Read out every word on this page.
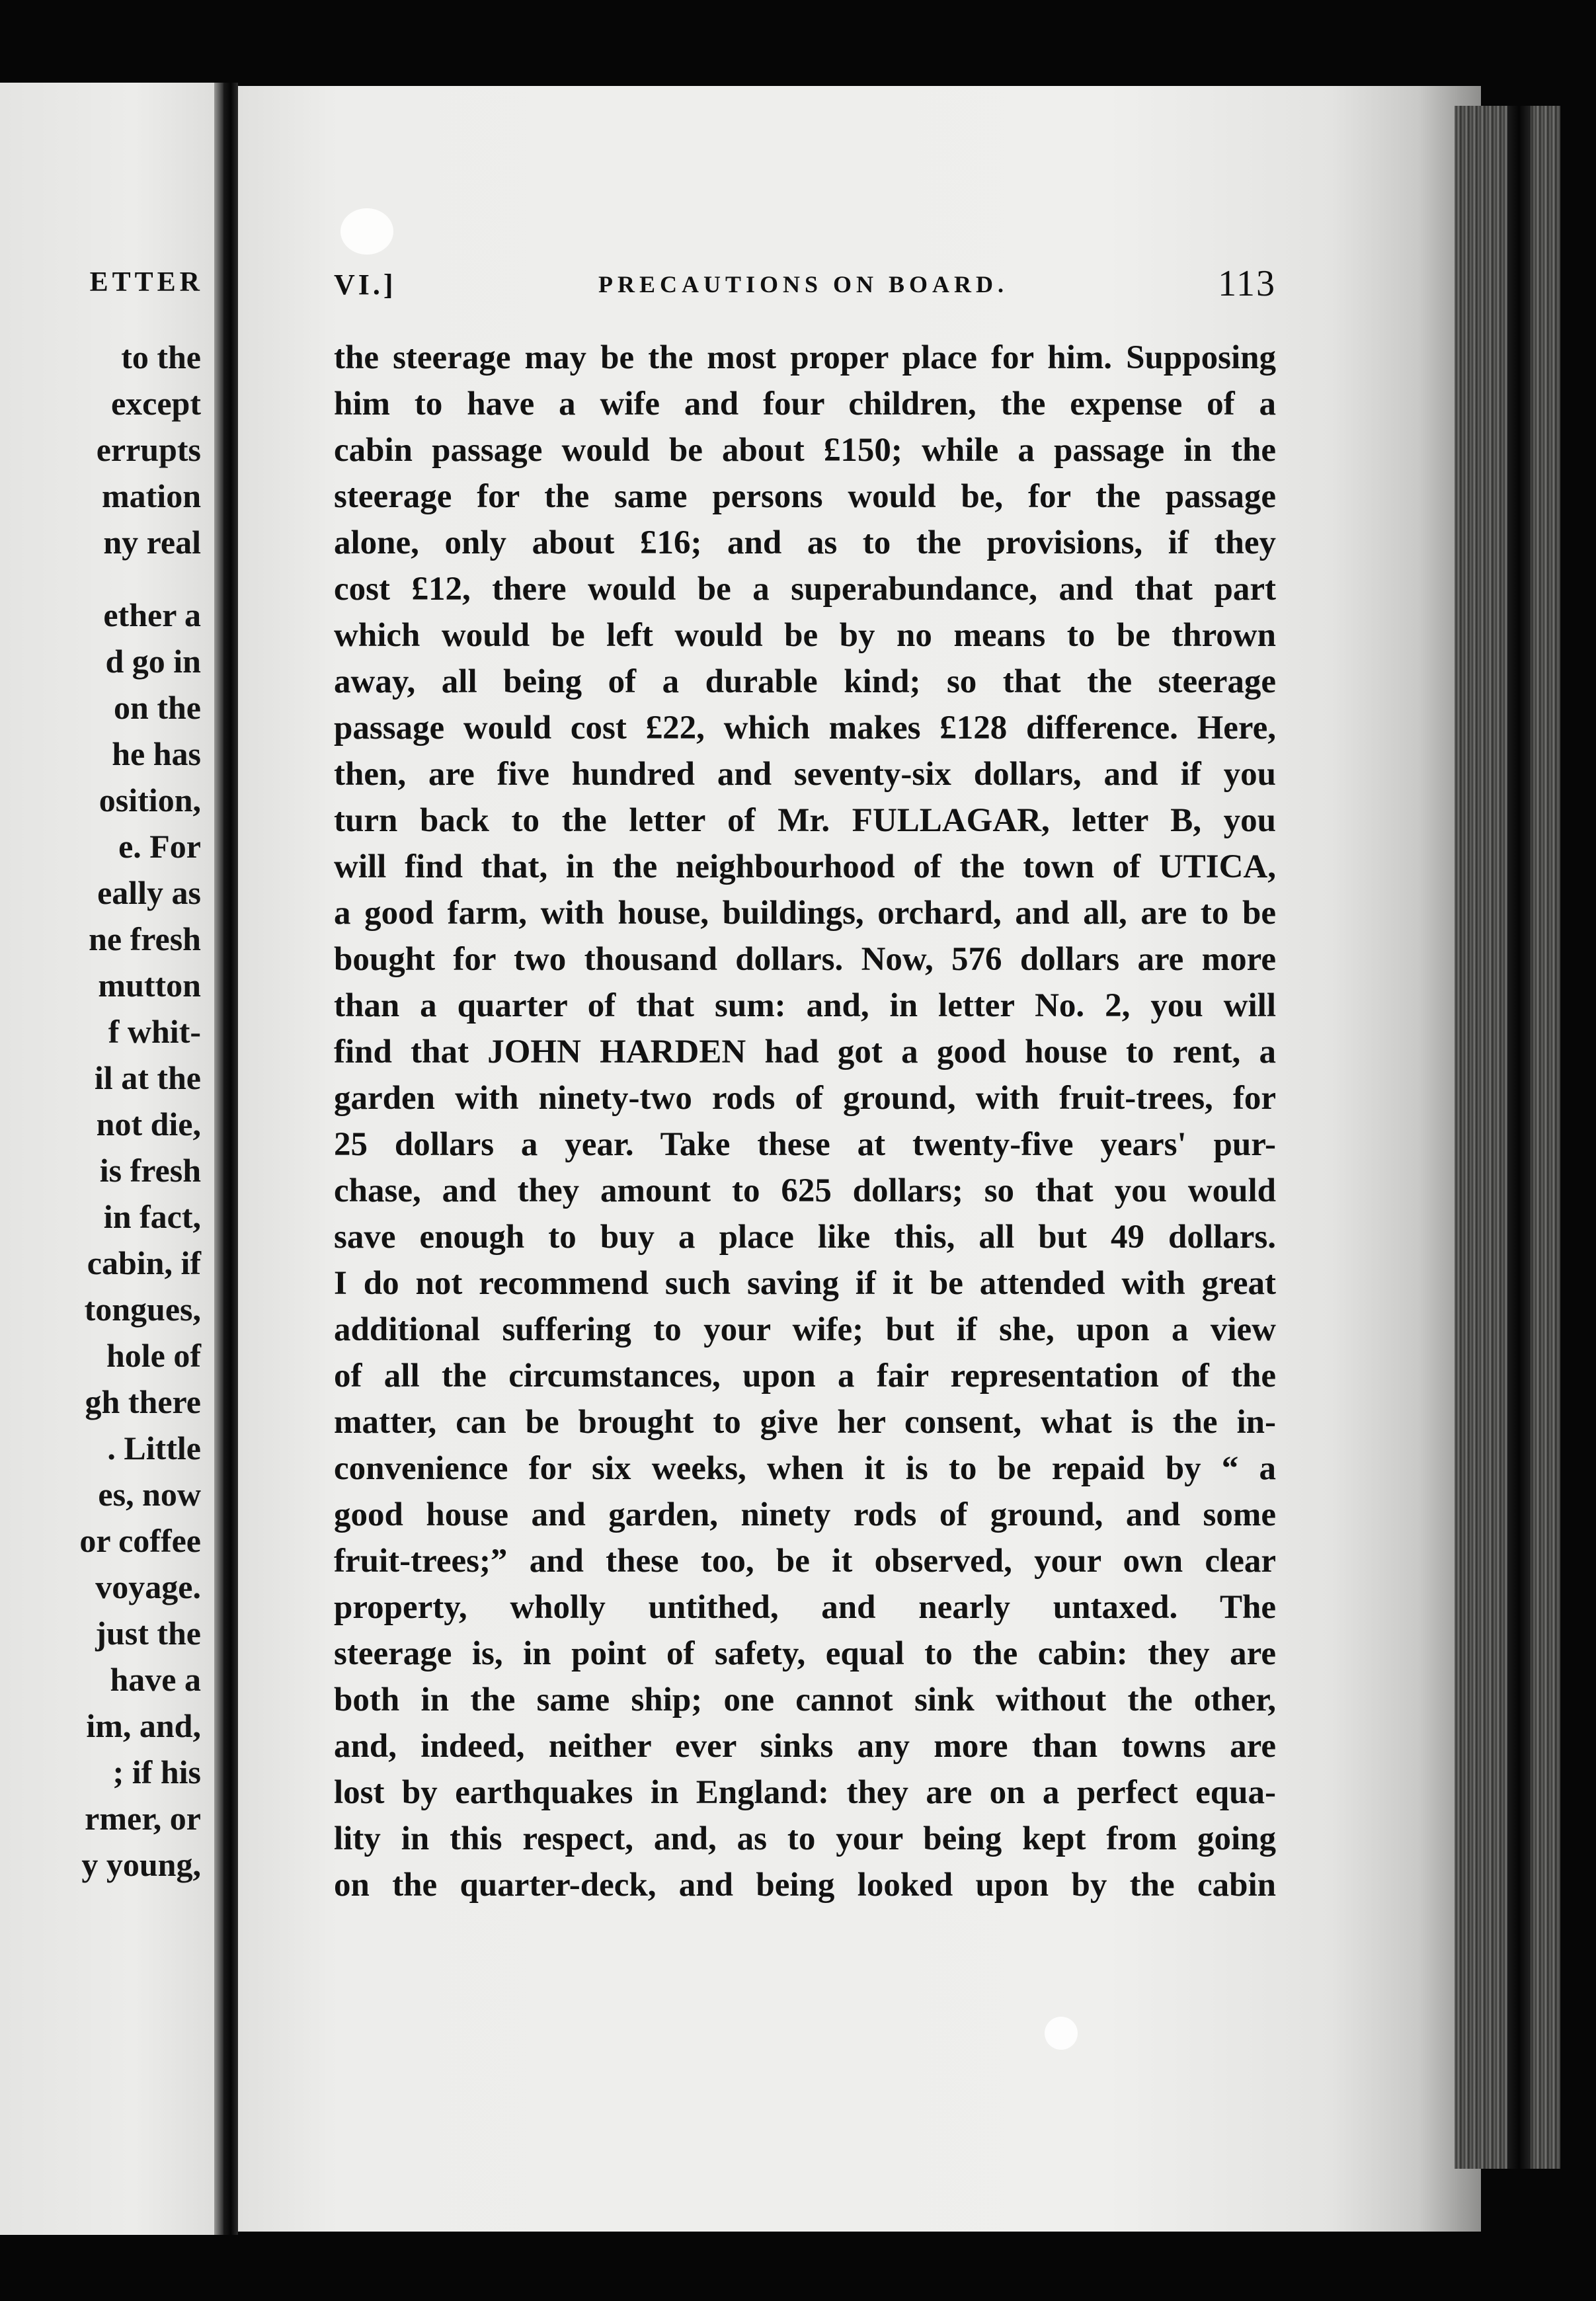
ETTER

to the

except

errupts

mation

ny real

ether a

d go in

on the

he has

osition,

e. For

eally as

ne fresh

mutton

f whit-

il at the

not die,

is fresh

in fact,

cabin, if

tongues,

hole of

gh there

. Little

es, now

or coffee

voyage.

just the

have a

im, and,

; if his

rmer, or

y young,

VI.]	PRECAUTIONS ON BOARD.	113
the steerage may be the most proper place for him. Supposing
him to have a wife and four children, the expense of a
cabin passage would be about £150; while a passage in the
steerage for the same persons would be, for the passage
alone, only about £16; and as to the provisions, if they
cost £12, there would be a superabundance, and that part
which would be left would be by no means to be thrown
away, all being of a durable kind; so that the steerage
passage would cost £22, which makes £128 difference. Here,
then, are five hundred and seventy-six dollars, and if you
turn back to the letter of Mr. FULLAGAR, letter B, you
will find that, in the neighbourhood of the town of UTICA,
a good farm, with house, buildings, orchard, and all, are to be
bought for two thousand dollars. Now, 576 dollars are more
than a quarter of that sum: and, in letter No. 2, you will
find that JOHN HARDEN had got a good house to rent, a
garden with ninety-two rods of ground, with fruit-trees, for
25 dollars a year. Take these at twenty-five years' pur-
chase, and they amount to 625 dollars; so that you would
save enough to buy a place like this, all but 49 dollars.
I do not recommend such saving if it be attended with great
additional suffering to your wife; but if she, upon a view
of all the circumstances, upon a fair representation of the
matter, can be brought to give her consent, what is the in-
convenience for six weeks, when it is to be repaid by “ a
good house and garden, ninety rods of ground, and some
fruit-trees;” and these too, be it observed, your own clear
property, wholly untithed, and nearly untaxed. The
steerage is, in point of safety, equal to the cabin: they are
both in the same ship; one cannot sink without the other,
and, indeed, neither ever sinks any more than towns are
lost by earthquakes in England: they are on a perfect equa-
lity in this respect, and, as to your being kept from going
on the quarter-deck, and being looked upon by the cabin
